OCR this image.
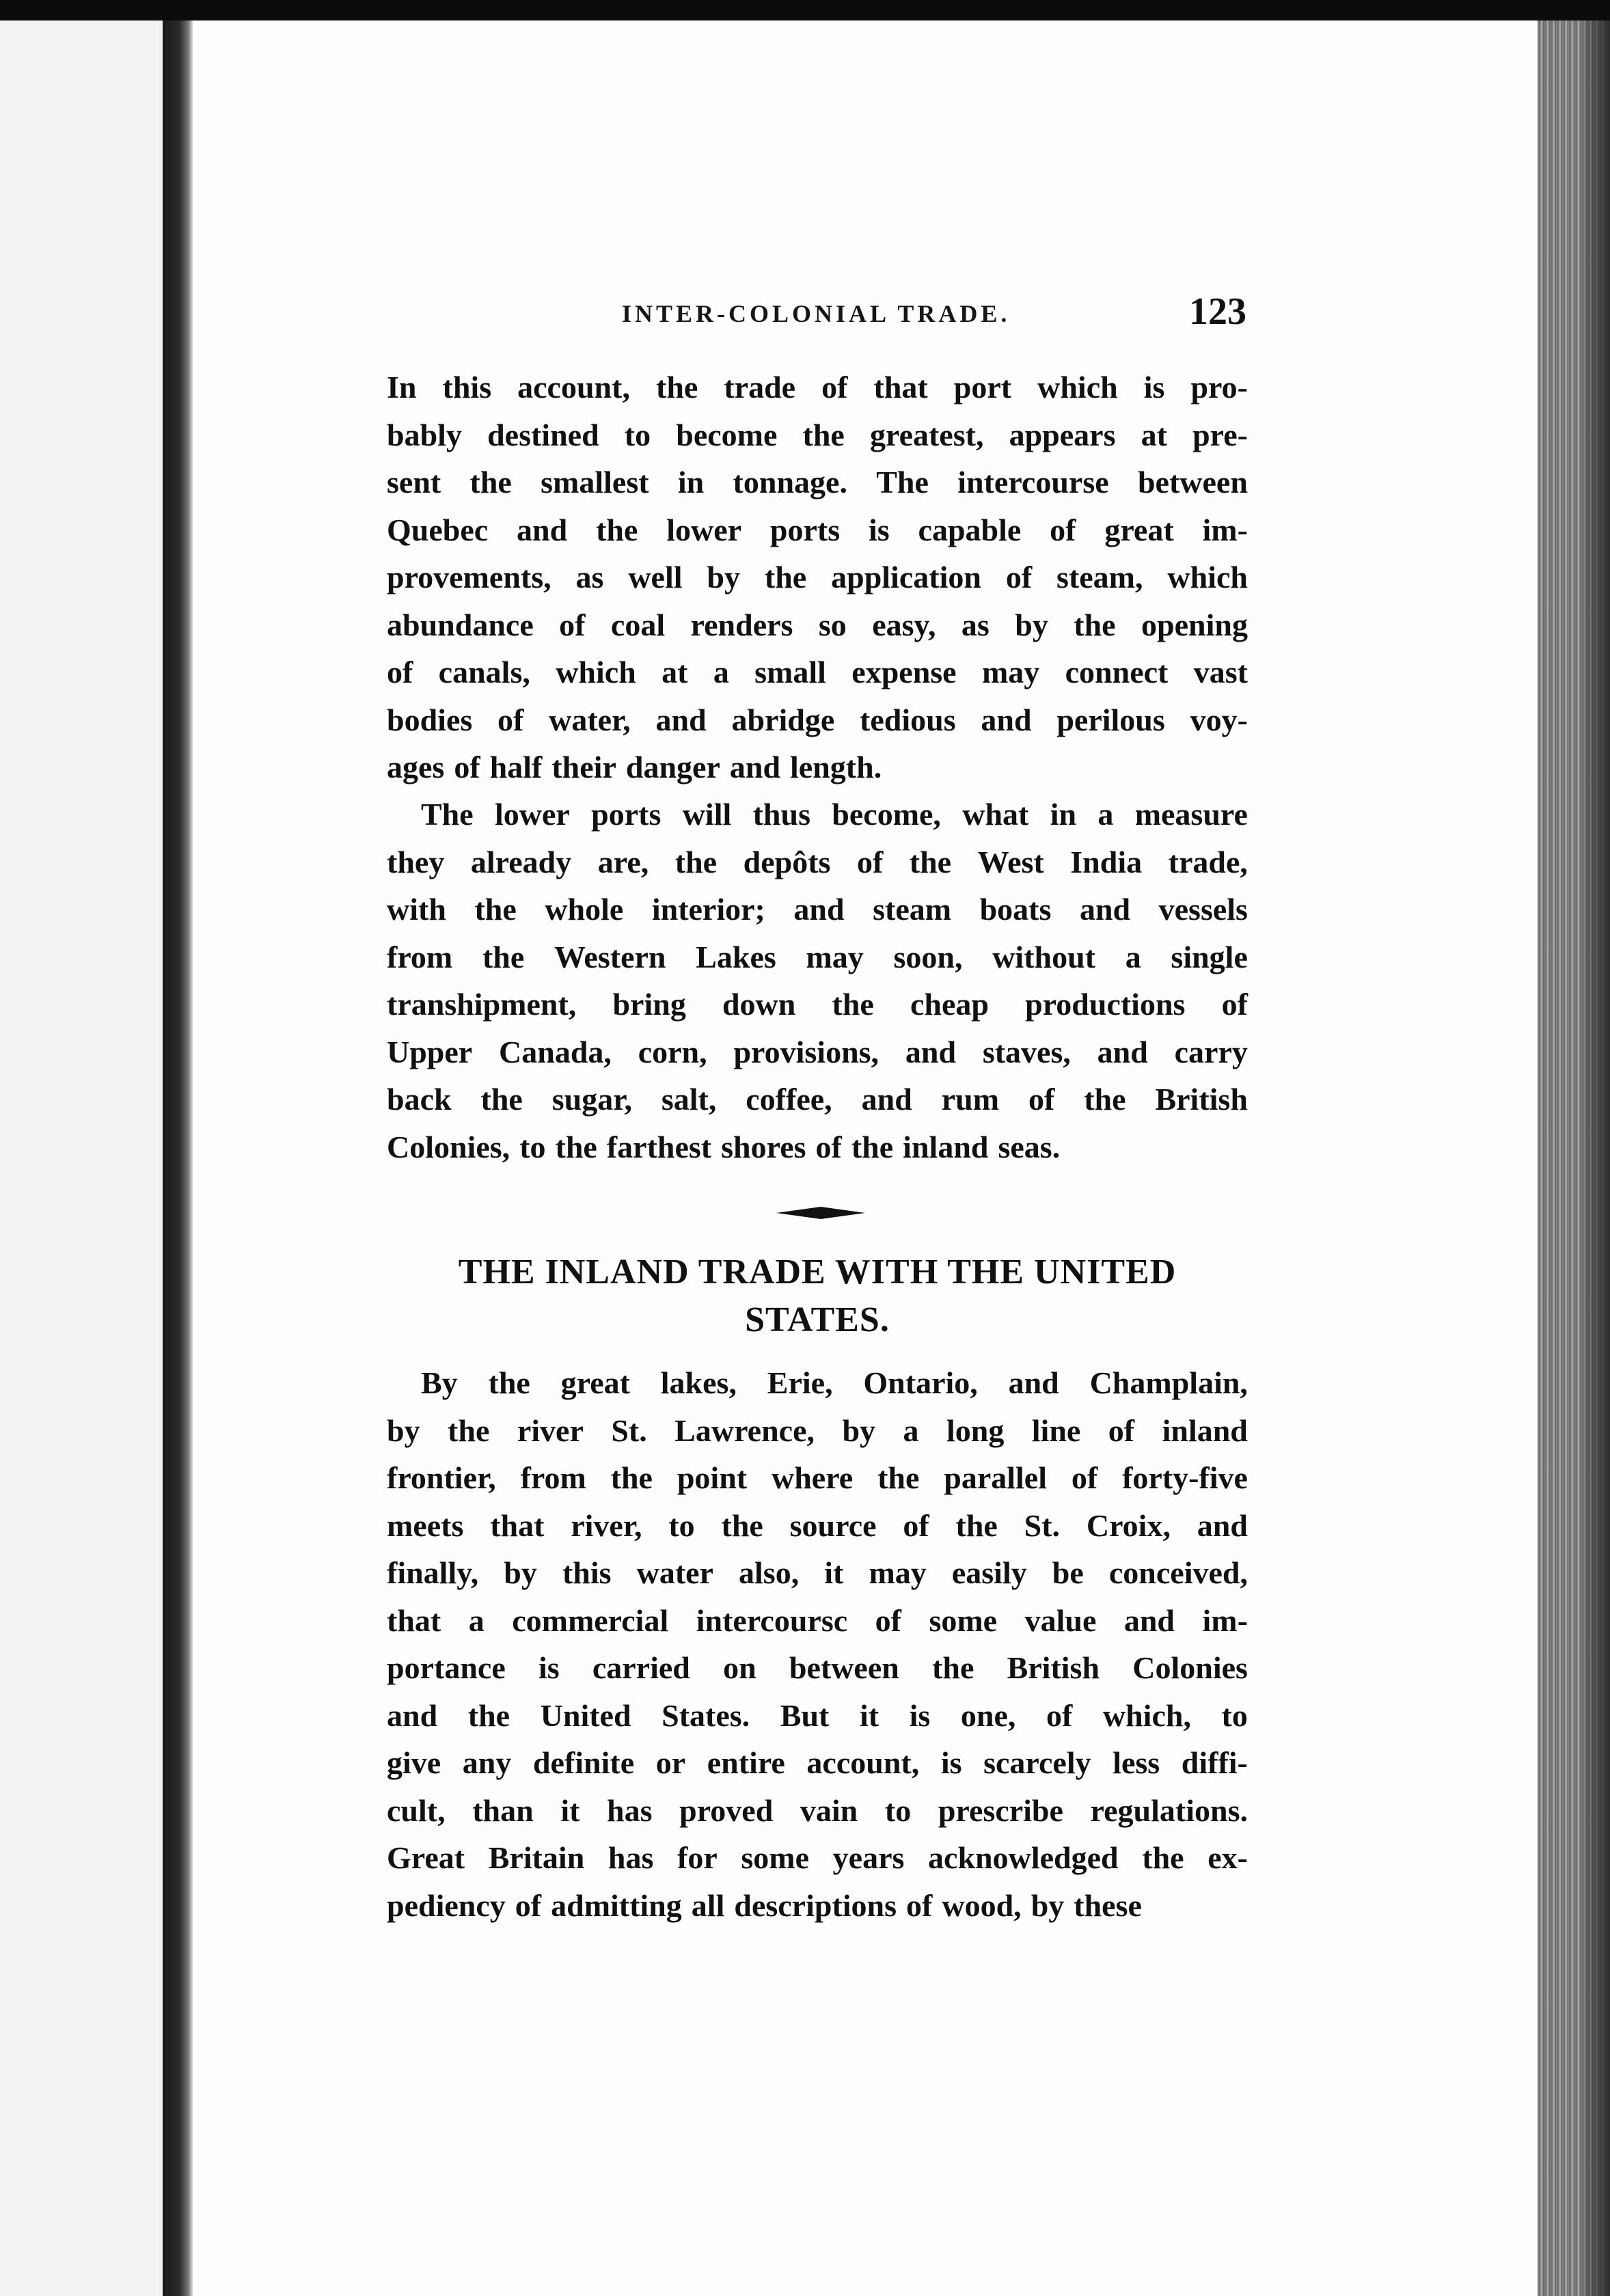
INTER-COLONIAL TRADE.	123
In this account, the trade of that port which is pro-
bably destined to become the greatest, appears at pre-
sent the smallest in tonnage. The intercourse between
Quebec and the lower ports is capable of great im-
provements, as well by the application of steam, which
abundance of coal renders so easy, as by the opening
of canals, which at a small expense may connect vast
bodies of water, and abridge tedious and perilous voy-
ages of half their danger and length.
The lower ports will thus become, what in a measure
they already are, the depôts of the West India trade,
with the whole interior; and steam boats and vessels
from the Western Lakes may soon, without a single
transhipment, bring down the cheap productions of
Upper Canada, corn, provisions, and staves, and carry
back the sugar, salt, coffee, and rum of the British
Colonies, to the farthest shores of the inland seas.
THE INLAND TRADE WITH THE UNITED
STATES.
By the great lakes, Erie, Ontario, and Champlain,
by the river St. Lawrence, by a long line of inland
frontier, from the point where the parallel of forty-five
meets that river, to the source of the St. Croix, and
finally, by this water also, it may easily be conceived,
that a commercial intercoursc of some value and im-
portance is carried on between the British Colonies
and the United States. But it is one, of which, to
give any definite or entire account, is scarcely less diffi-
cult, than it has proved vain to prescribe regulations.
Great Britain has for some years acknowledged the ex-
pediency of admitting all descriptions of wood, by these
